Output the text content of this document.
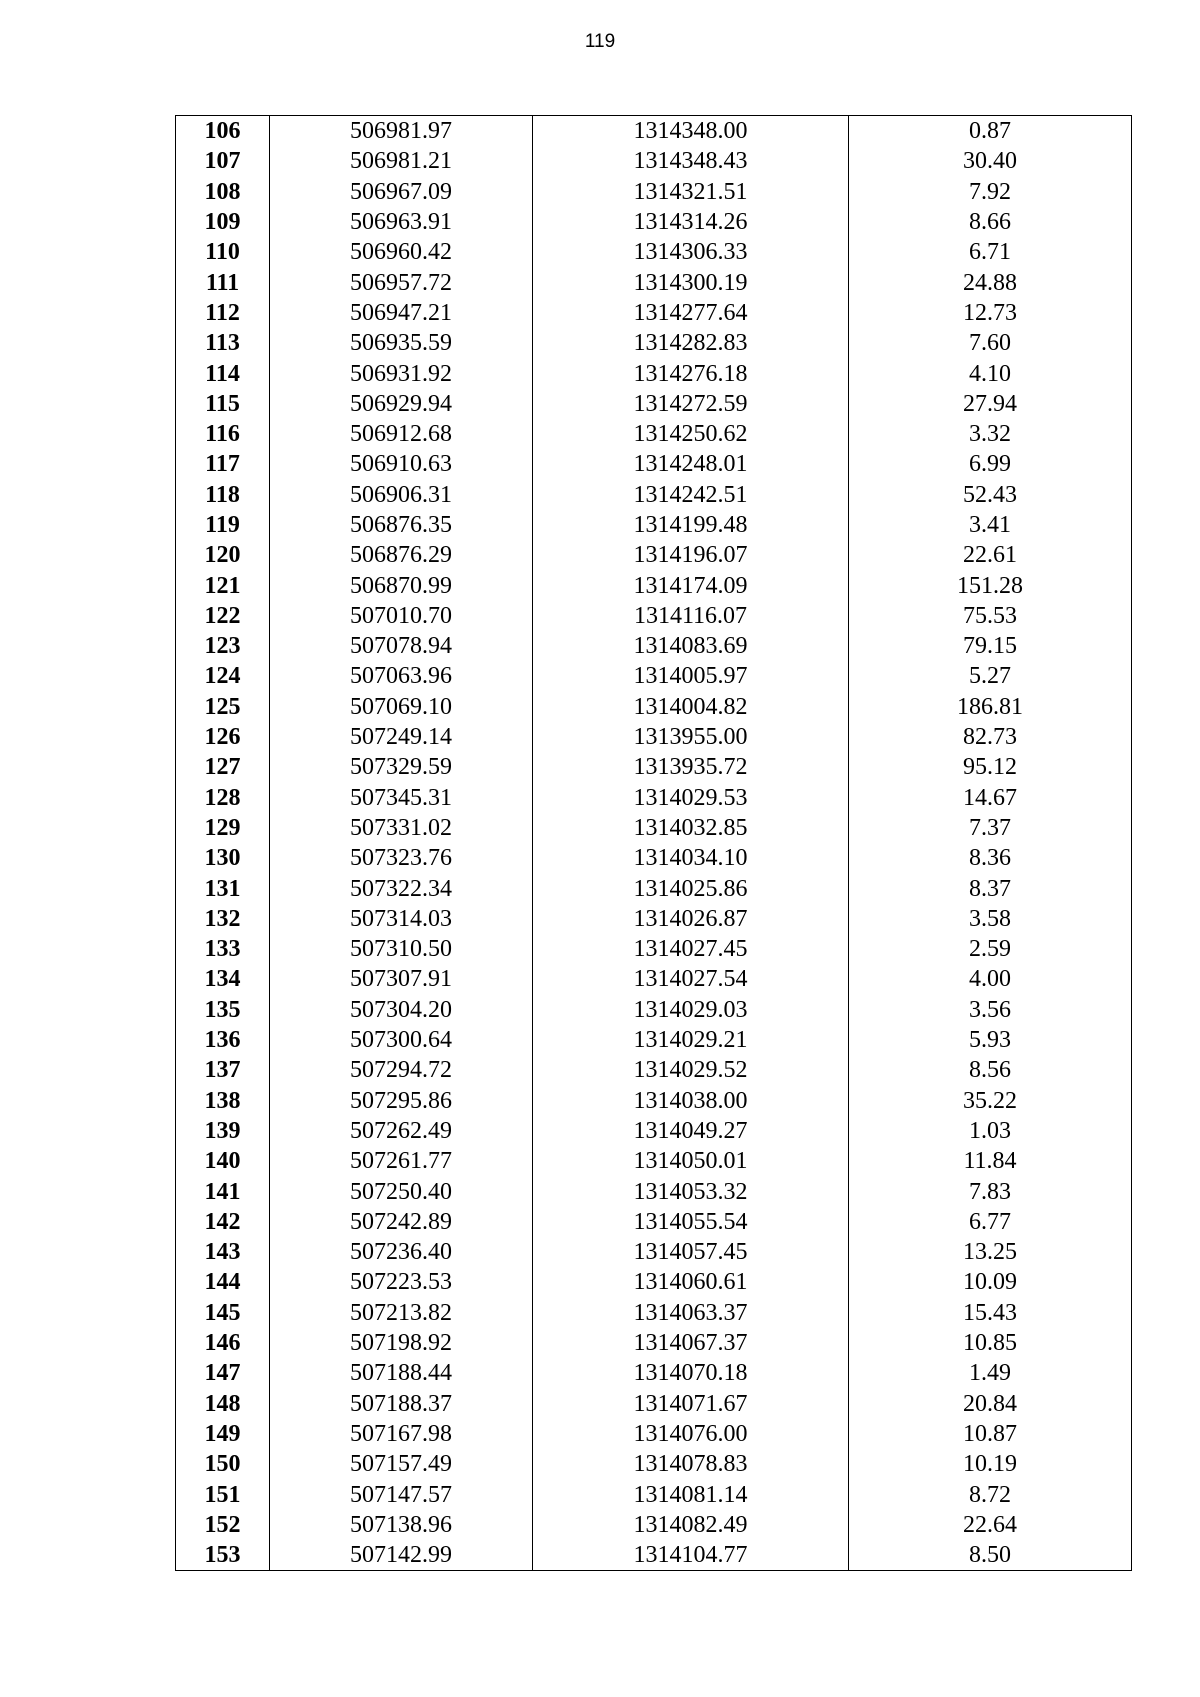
119
106	506981.97	1314348.00	0.87
107	506981.21	1314348.43	30.40
108	506967.09	1314321.51	7.92
109	506963.91	1314314.26	8.66
110	506960.42	1314306.33	6.71
111	506957.72	1314300.19	24.88
112	506947.21	1314277.64	12.73
113	506935.59	1314282.83	7.60
114	506931.92	1314276.18	4.10
115	506929.94	1314272.59	27.94
116	506912.68	1314250.62	3.32
117	506910.63	1314248.01	6.99
118	506906.31	1314242.51	52.43
119	506876.35	1314199.48	3.41
120	506876.29	1314196.07	22.61
121	506870.99	1314174.09	151.28
122	507010.70	1314116.07	75.53
123	507078.94	1314083.69	79.15
124	507063.96	1314005.97	5.27
125	507069.10	1314004.82	186.81
126	507249.14	1313955.00	82.73
127	507329.59	1313935.72	95.12
128	507345.31	1314029.53	14.67
129	507331.02	1314032.85	7.37
130	507323.76	1314034.10	8.36
131	507322.34	1314025.86	8.37
132	507314.03	1314026.87	3.58
133	507310.50	1314027.45	2.59
134	507307.91	1314027.54	4.00
135	507304.20	1314029.03	3.56
136	507300.64	1314029.21	5.93
137	507294.72	1314029.52	8.56
138	507295.86	1314038.00	35.22
139	507262.49	1314049.27	1.03
140	507261.77	1314050.01	11.84
141	507250.40	1314053.32	7.83
142	507242.89	1314055.54	6.77
143	507236.40	1314057.45	13.25
144	507223.53	1314060.61	10.09
145	507213.82	1314063.37	15.43
146	507198.92	1314067.37	10.85
147	507188.44	1314070.18	1.49
148	507188.37	1314071.67	20.84
149	507167.98	1314076.00	10.87
150	507157.49	1314078.83	10.19
151	507147.57	1314081.14	8.72
152	507138.96	1314082.49	22.64
153	507142.99	1314104.77	8.50
